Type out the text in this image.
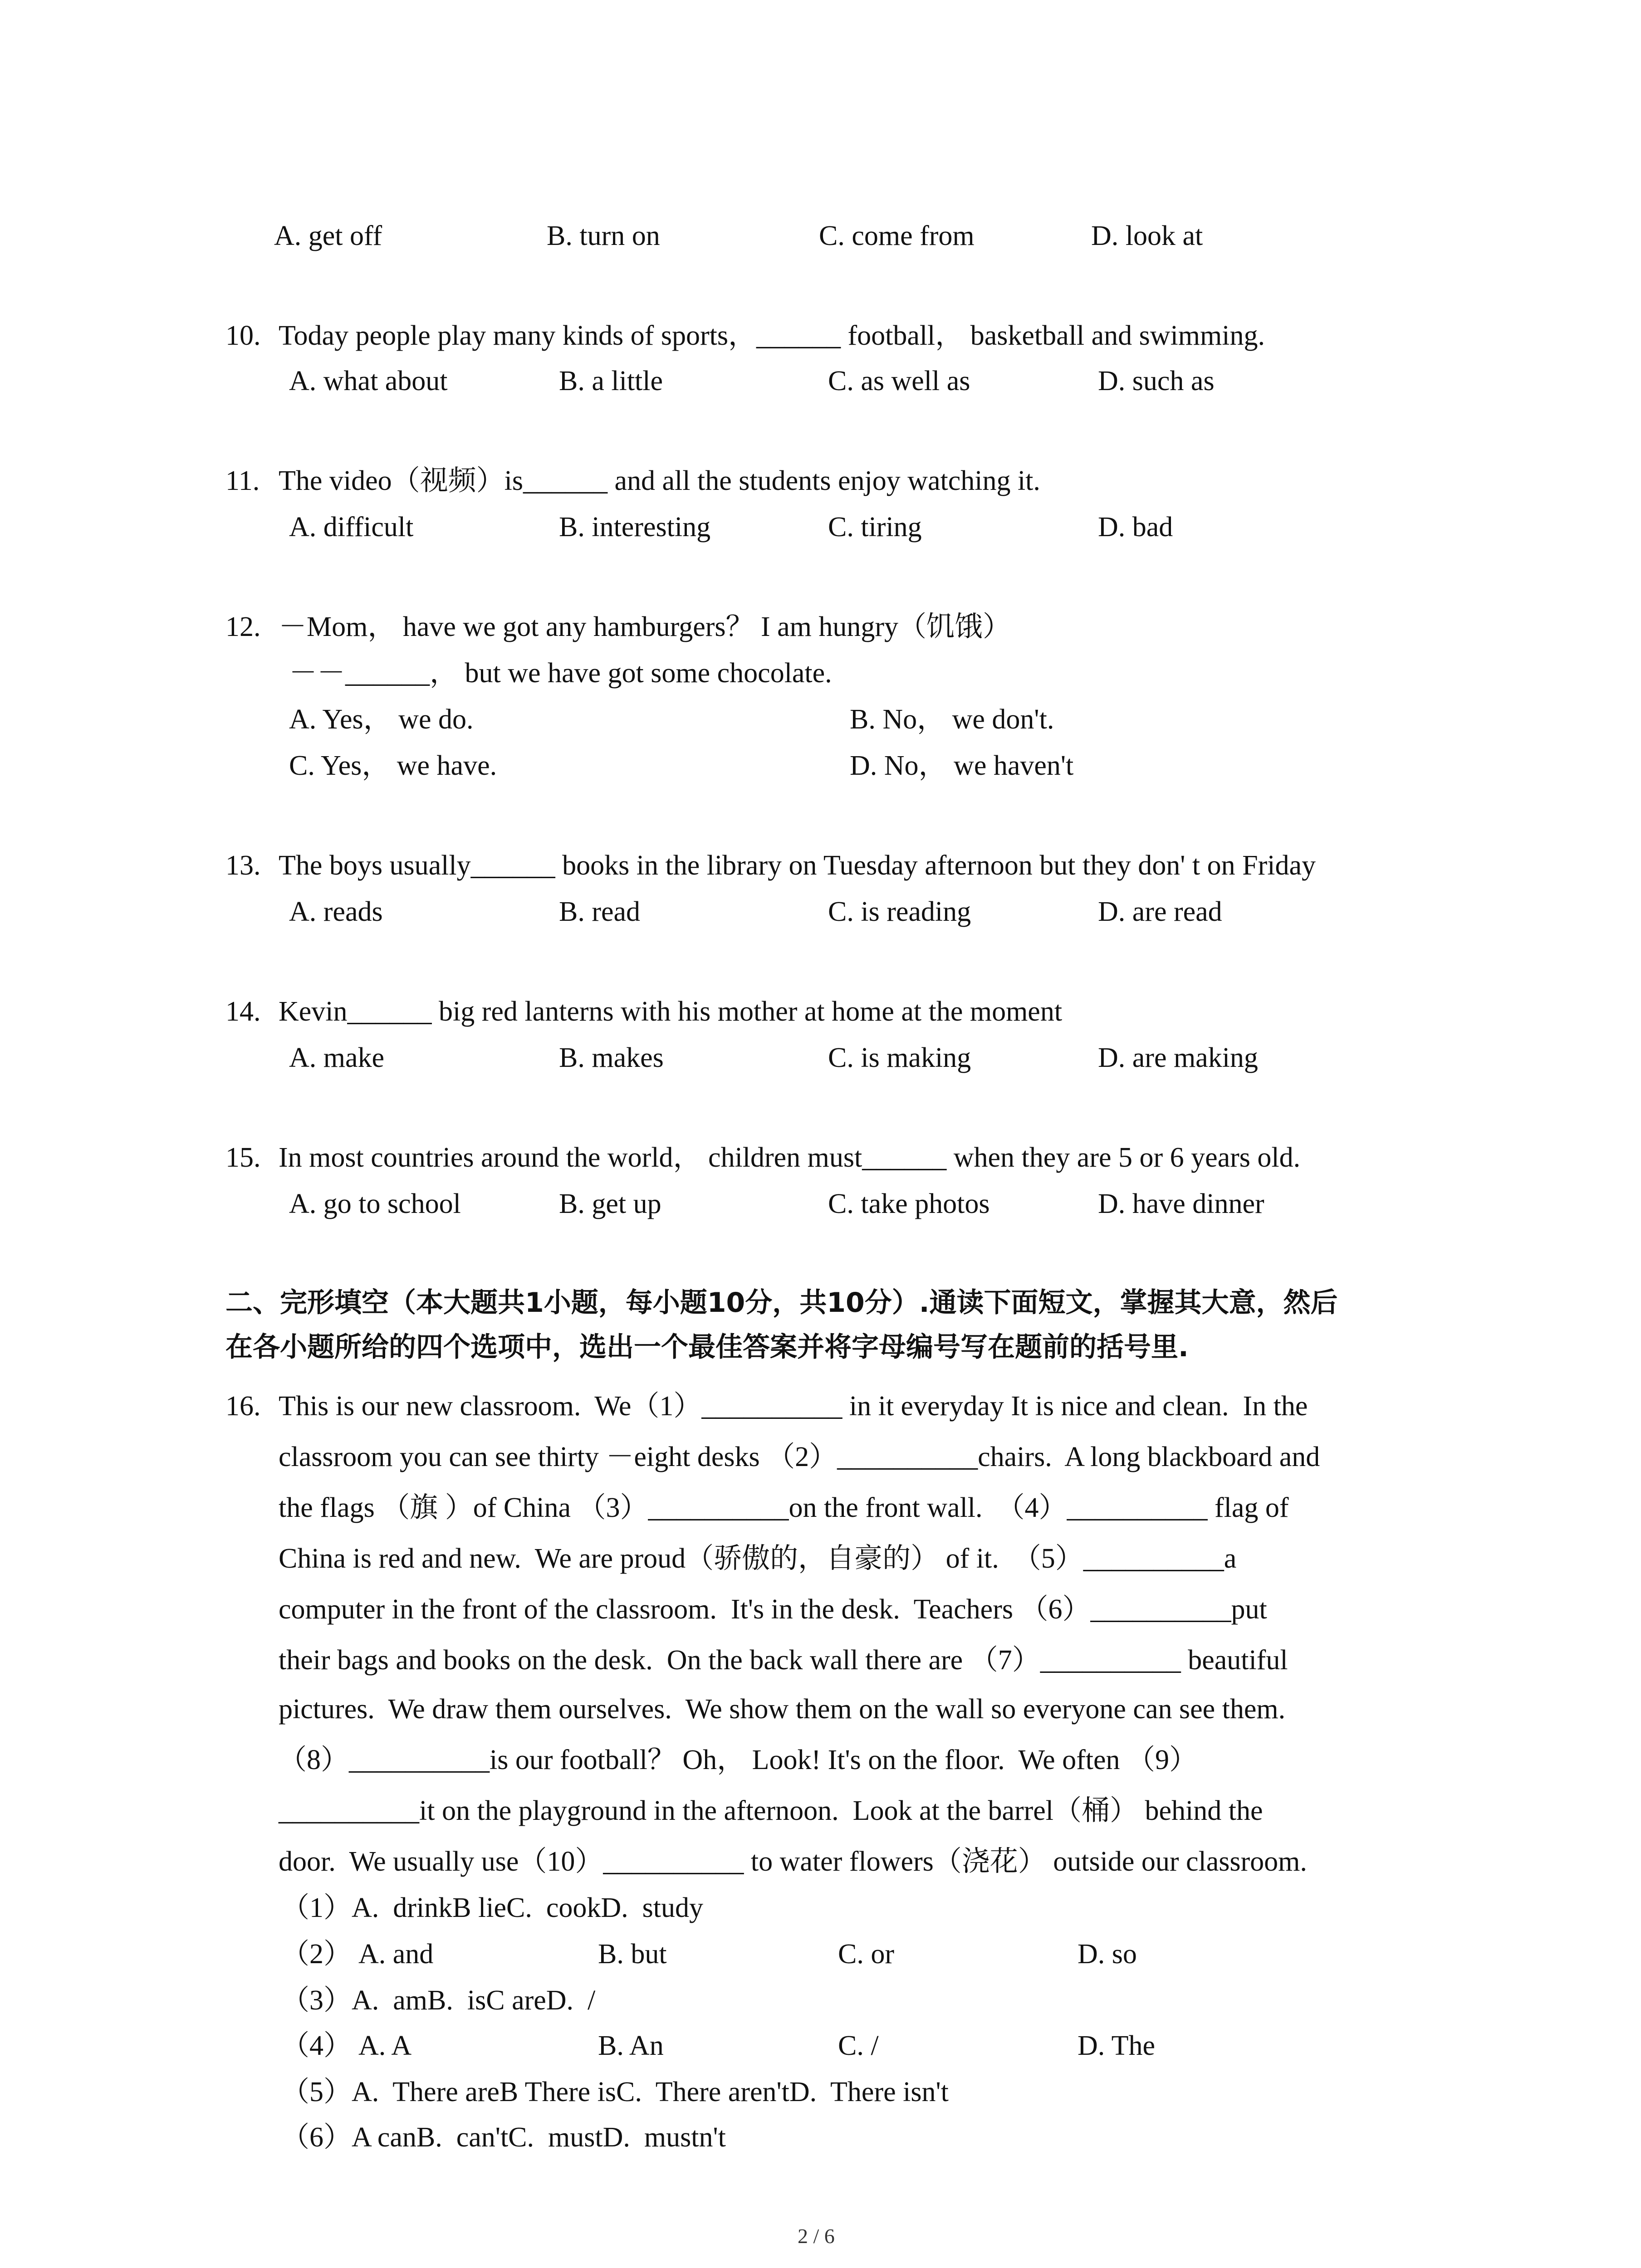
A. get off	B. turn on	C. come from	D. look at
10. Today people play many kinds of sports，______ football， basketball and swimming.
A. what about	B. a little	C. as well as	D. such as
11. The video（视频）is______ and all the students enjoy watching it.
A. difficult	B. interesting	C. tiring	D. bad
12. －Mom， have we got any hamburgers？ I am hungry（饥饿）
－－______， but we have got some chocolate.
A. Yes， we do.	B. No， we don't.
C. Yes， we have.	D. No， we haven't
13. The boys usually______ books in the library on Tuesday afternoon but they don' t on Friday
A. reads	B. read	C. is reading	D. are read
14. Kevin______ big red lanterns with his mother at home at the moment
A. make	B. makes	C. is making	D. are making
15. In most countries around the world， children must______ when they are 5 or 6 years old.
A. go to school	B. get up	C. take photos	D. have dinner
二、完形填空（本大题共1小题，每小题10分，共10分）.通读下面短文，掌握其大意，然后
在各小题所给的四个选项中，选出一个最佳答案并将字母编号写在题前的括号里.
16. This is our new classroom.  We（1）__________ in it everyday It is nice and clean.  In the
classroom you can see thirty －eight desks （2）__________chairs.  A long blackboard and
the flags （旗 ）of China （3）__________on the front wall.  （4）__________ flag of
China is red and new.  We are proud（骄傲的，自豪的） of it.  （5）__________a
computer in the front of the classroom.  It's in the desk.  Teachers （6）__________put
their bags and books on the desk.  On the back wall there are （7）__________ beautiful
pictures.  We draw them ourselves.  We show them on the wall so everyone can see them.
（8）__________is our football？ Oh， Look! It's on the floor.  We often （9）
__________it on the playground in the afternoon.  Look at the barrel（桶） behind the
door.  We usually use（10）__________ to water flowers（浇花） outside our classroom.
（1）A.  drinkB lieC.  cookD.  study
（2） A. and	B. but	C. or	D. so
（3）A.  amB.  isC areD.  /
（4） A. A	B. An	C. /	D. The
（5）A.  There areB There isC.  There aren'tD.  There isn't
（6）A canB.  can'tC.  mustD.  mustn't
2 / 6
